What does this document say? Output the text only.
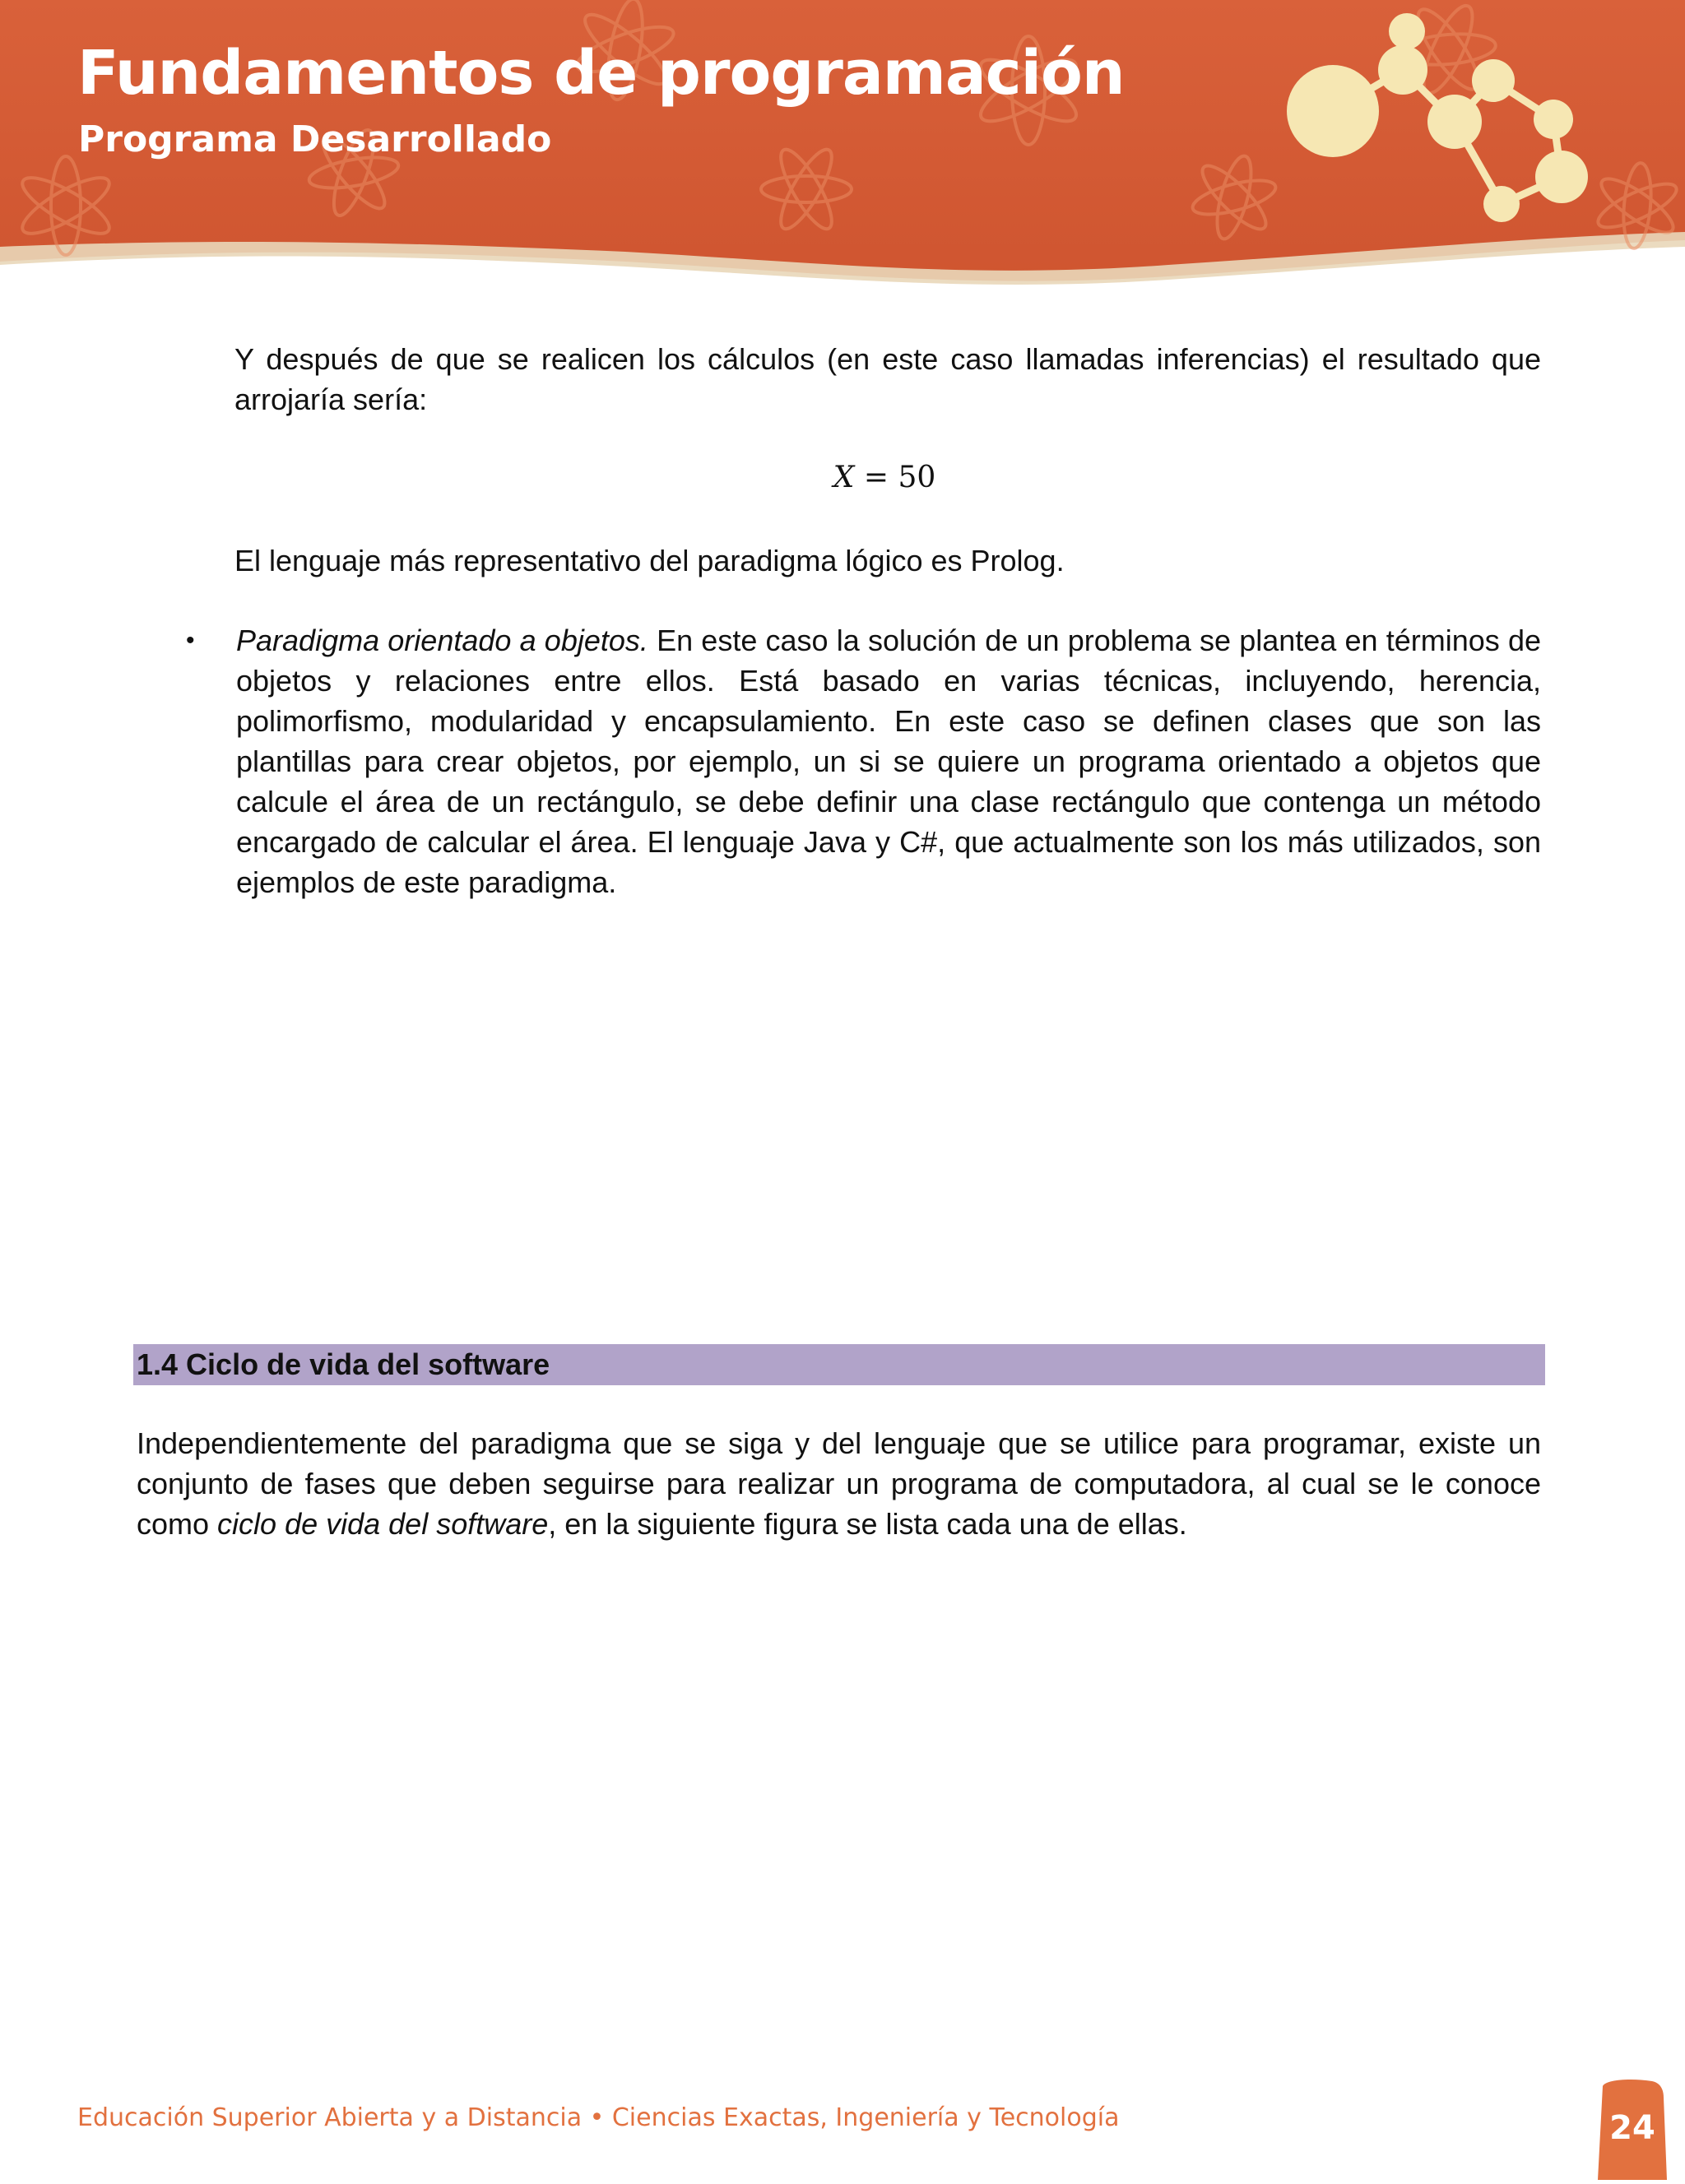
Fundamentos de programación
Programa Desarrollado

Y después de que se realicen los cálculos (en este caso llamadas inferencias) el resultado que arrojaría sería:

X = 50

El lenguaje más representativo del paradigma lógico es Prolog.

• Paradigma orientado a objetos. En este caso la solución de un problema se plantea en términos de objetos y relaciones entre ellos. Está basado en varias técnicas, incluyendo, herencia, polimorfismo, modularidad y encapsulamiento. En este caso se definen clases que son las plantillas para crear objetos, por ejemplo, un si se quiere un programa orientado a objetos que calcule el área de un rectángulo, se debe definir una clase rectángulo que contenga un método encargado de calcular el área. El lenguaje Java y C#, que actualmente son los más utilizados, son ejemplos de este paradigma.

1.4 Ciclo de vida del software

Independientemente del paradigma que se siga y del lenguaje que se utilice para programar, existe un conjunto de fases que deben seguirse para realizar un programa de computadora, al cual se le conoce como ciclo de vida del software, en la siguiente figura se lista cada una de ellas.

Educación Superior Abierta y a Distancia • Ciencias Exactas, Ingeniería y Tecnología	24
